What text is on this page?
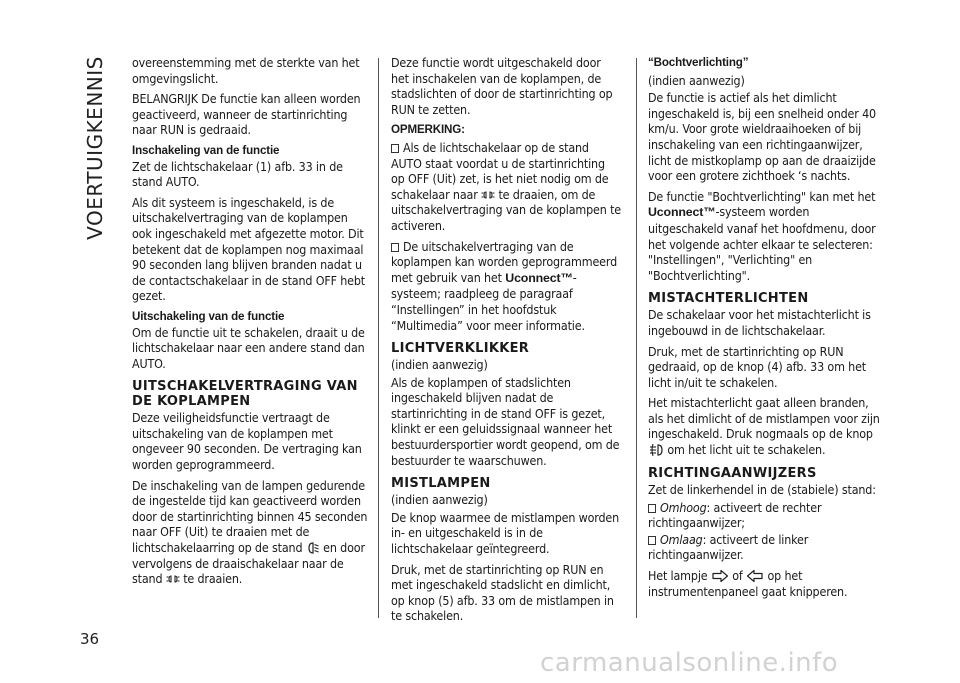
VOERTUIGKENNIS
36

overeenstemming met de sterkte van het omgevingslicht.

BELANGRIJK De functie kan alleen worden geactiveerd, wanneer de startinrichting naar RUN is gedraaid.

Inschakeling van de functie

Zet de lichtschakelaar (1) afb. 33 in de stand AUTO.

Als dit systeem is ingeschakeld, is de uitschakelvertraging van de koplampen ook ingeschakeld met afgezette motor. Dit betekent dat de koplampen nog maximaal 90 seconden lang blijven branden nadat u de contactschakelaar in de stand OFF hebt gezet.

Uitschakeling van de functie

Om de functie uit te schakelen, draait u de lichtschakelaar naar een andere stand dan AUTO.

UITSCHAKELVERTRAGING VAN DE KOPLAMPEN

Deze veiligheidsfunctie vertraagt de uitschakeling van de koplampen met ongeveer 90 seconden. De vertraging kan worden geprogrammeerd.

De inschakeling van de lampen gedurende de ingestelde tijd kan geactiveerd worden door de startinrichting binnen 45 seconden naar OFF (Uit) te draaien met de lichtschakelaarring op de stand en door vervolgens de draaischakelaar naar de stand te draaien.

Deze functie wordt uitgeschakeld door het inschakelen van de koplampen, de stadslichten of door de startinrichting op RUN te zetten.

OPMERKING:

Als de lichtschakelaar op de stand AUTO staat voordat u de startinrichting op OFF (Uit) zet, is het niet nodig om de schakelaar naar te draaien, om de uitschakelvertraging van de koplampen te activeren.

De uitschakelvertraging van de koplampen kan worden geprogrammeerd met gebruik van het Uconnect™-systeem; raadpleeg de paragraaf “Instellingen” in het hoofdstuk “Multimedia” voor meer informatie.

LICHTVERKLIKKER

(indien aanwezig)

Als de koplampen of stadslichten ingeschakeld blijven nadat de startinrichting in de stand OFF is gezet, klinkt er een geluidssignaal wanneer het bestuurdersportier wordt geopend, om de bestuurder te waarschuwen.

MISTLAMPEN

(indien aanwezig)

De knop waarmee de mistlampen worden in- en uitgeschakeld is in de lichtschakelaar geïntegreerd.

Druk, met de startinrichting op RUN en met ingeschakeld stadslicht en dimlicht, op knop (5) afb. 33 om de mistlampen in te schakelen.

“Bochtverlichting”

(indien aanwezig)

De functie is actief als het dimlicht ingeschakeld is, bij een snelheid onder 40 km/u. Voor grote wieldraaihoeken of bij inschakeling van een richtingaanwijzer, licht de mistkoplamp op aan de draaizijde voor een grotere zichthoek ‘s nachts.

De functie "Bochtverlichting" kan met het Uconnect™-systeem worden uitgeschakeld vanaf het hoofdmenu, door het volgende achter elkaar te selecteren: "Instellingen", "Verlichting" en "Bochtverlichting".

MISTACHTERLICHTEN

De schakelaar voor het mistachterlicht is ingebouwd in de lichtschakelaar.

Druk, met de startinrichting op RUN gedraaid, op de knop (4) afb. 33 om het licht in/uit te schakelen.

Het mistachterlicht gaat alleen branden, als het dimlicht of de mistlampen voor zijn ingeschakeld. Druk nogmaals op de knop  om het licht uit te schakelen.

RICHTINGAANWIJZERS

Zet de linkerhendel in de (stabiele) stand:

Omhoog: activeert de rechter richtingaanwijzer;

Omlaag: activeert de linker richtingaanwijzer.

Het lampje of op het instrumentenpaneel gaat knipperen.

carmanualsonline.info
